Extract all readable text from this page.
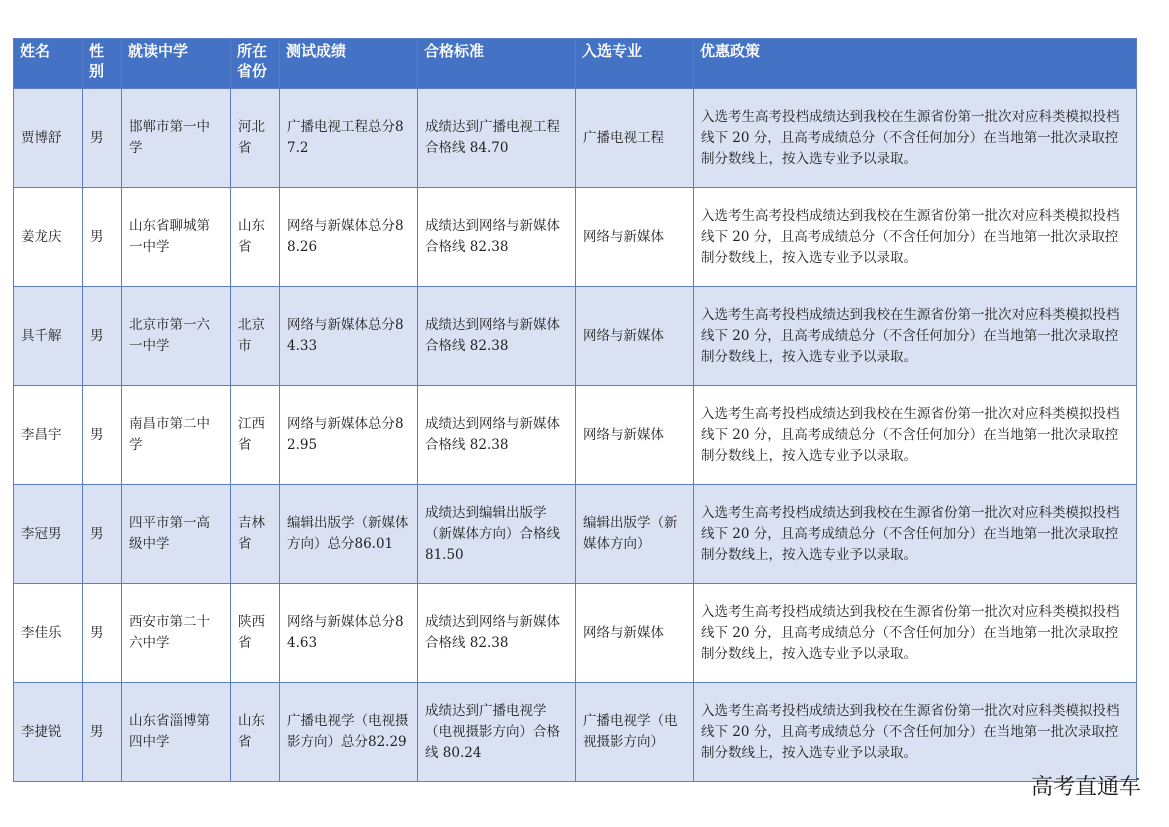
姓名	性别	就读中学	所在省份	测试成绩	合格标准	入选专业	优惠政策
贾博舒	男	邯郸市第一中学	河北省	广播电视工程总分87.2	成绩达到广播电视工程合格线 84.70	广播电视工程	入选考生高考投档成绩达到我校在生源省份第一批次对应科类模拟投档线下 20 分，且高考成绩总分（不含任何加分）在当地第一批次录取控制分数线上，按入选专业予以录取。
姜龙庆	男	山东省聊城第一中学	山东省	网络与新媒体总分88.26	成绩达到网络与新媒体合格线 82.38	网络与新媒体	入选考生高考投档成绩达到我校在生源省份第一批次对应科类模拟投档线下 20 分，且高考成绩总分（不含任何加分）在当地第一批次录取控制分数线上，按入选专业予以录取。
具千解	男	北京市第一六一中学	北京市	网络与新媒体总分84.33	成绩达到网络与新媒体合格线 82.38	网络与新媒体	入选考生高考投档成绩达到我校在生源省份第一批次对应科类模拟投档线下 20 分，且高考成绩总分（不含任何加分）在当地第一批次录取控制分数线上，按入选专业予以录取。
李昌宇	男	南昌市第二中学	江西省	网络与新媒体总分82.95	成绩达到网络与新媒体合格线 82.38	网络与新媒体	入选考生高考投档成绩达到我校在生源省份第一批次对应科类模拟投档线下 20 分，且高考成绩总分（不含任何加分）在当地第一批次录取控制分数线上，按入选专业予以录取。
李冠男	男	四平市第一高级中学	吉林省	编辑出版学（新媒体方向）总分86.01	成绩达到编辑出版学（新媒体方向）合格线 81.50	编辑出版学（新媒体方向）	入选考生高考投档成绩达到我校在生源省份第一批次对应科类模拟投档线下 20 分，且高考成绩总分（不含任何加分）在当地第一批次录取控制分数线上，按入选专业予以录取。
李佳乐	男	西安市第二十六中学	陕西省	网络与新媒体总分84.63	成绩达到网络与新媒体合格线 82.38	网络与新媒体	入选考生高考投档成绩达到我校在生源省份第一批次对应科类模拟投档线下 20 分，且高考成绩总分（不含任何加分）在当地第一批次录取控制分数线上，按入选专业予以录取。
李捷锐	男	山东省淄博第四中学	山东省	广播电视学（电视摄影方向）总分82.29	成绩达到广播电视学（电视摄影方向）合格线 80.24	广播电视学（电视摄影方向）	入选考生高考投档成绩达到我校在生源省份第一批次对应科类模拟投档线下 20 分，且高考成绩总分（不含任何加分）在当地第一批次录取控制分数线上，按入选专业予以录取。
高考直通车
